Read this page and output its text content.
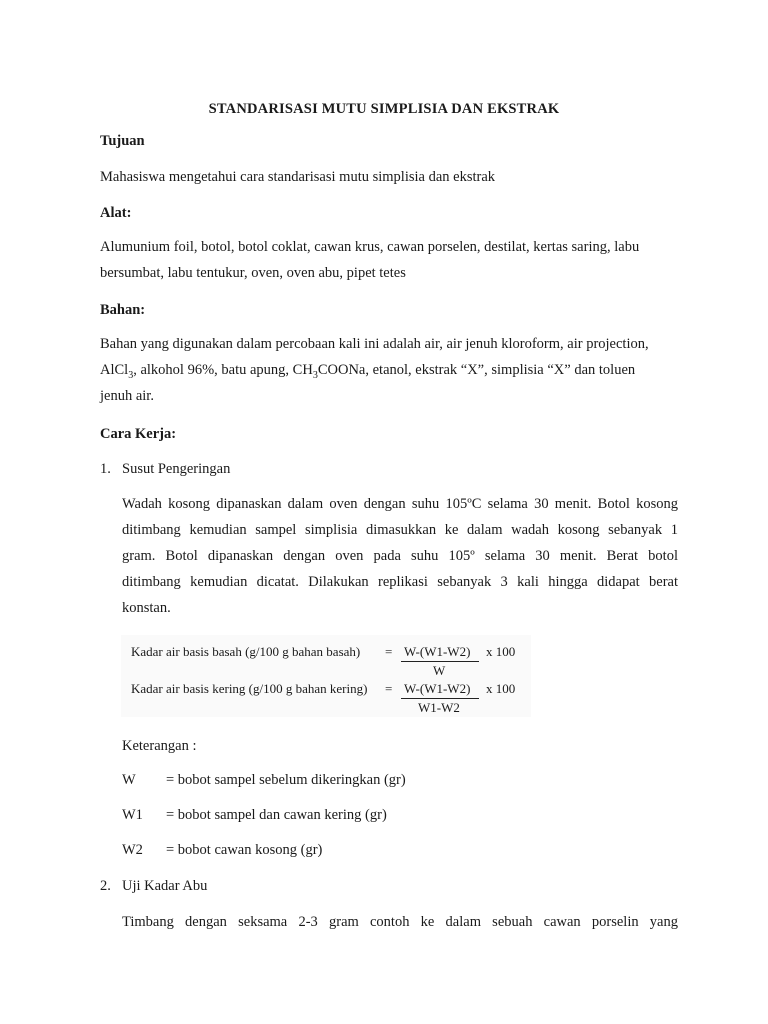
STANDARISASI MUTU SIMPLISIA DAN EKSTRAK
Tujuan
Mahasiswa mengetahui cara standarisasi mutu simplisia dan ekstrak
Alat:
Alumunium foil, botol, botol coklat, cawan krus, cawan porselen, destilat, kertas saring, labu
bersumbat, labu tentukur, oven, oven abu, pipet tetes
Bahan:
Bahan yang digunakan dalam percobaan kali ini adalah air, air jenuh kloroform, air projection,
AlCl$_3$, alkohol 96%, batu apung, $CH_3COONa$, etanol, ekstrak “X”, simplisia “X” dan toluen
jenuh air.
Cara Kerja:
1. Susut Pengeringan
Wadah kosong dipanaskan dalam oven dengan suhu 105ºC selama 30 menit. Botol kosong
ditimbang kemudian sampel simplisia dimasukkan ke dalam wadah kosong sebanyak 1
gram. Botol dipanaskan dengan oven pada suhu 105º selama 30 menit. Berat botol
ditimbang kemudian dicatat. Dilakukan replikasi sebanyak 3 kali hingga didapat berat
konstan.
Kadar air basis basah (g/100 g bahan basah) = W-(W1-W2)
W
x 100
Kadar air basis kering (g/100 g bahan kering) = W-(W1-W2)
W1-W2
x 100
Keterangan :
W = bobot sampel sebelum dikeringkan (gr)
W1 = bobot sampel dan cawan kering (gr)
W2 = bobot cawan kosong (gr)
2. Uji Kadar Abu
Timbang dengan seksama 2-3 gram contoh ke dalam sebuah cawan porselin yang
